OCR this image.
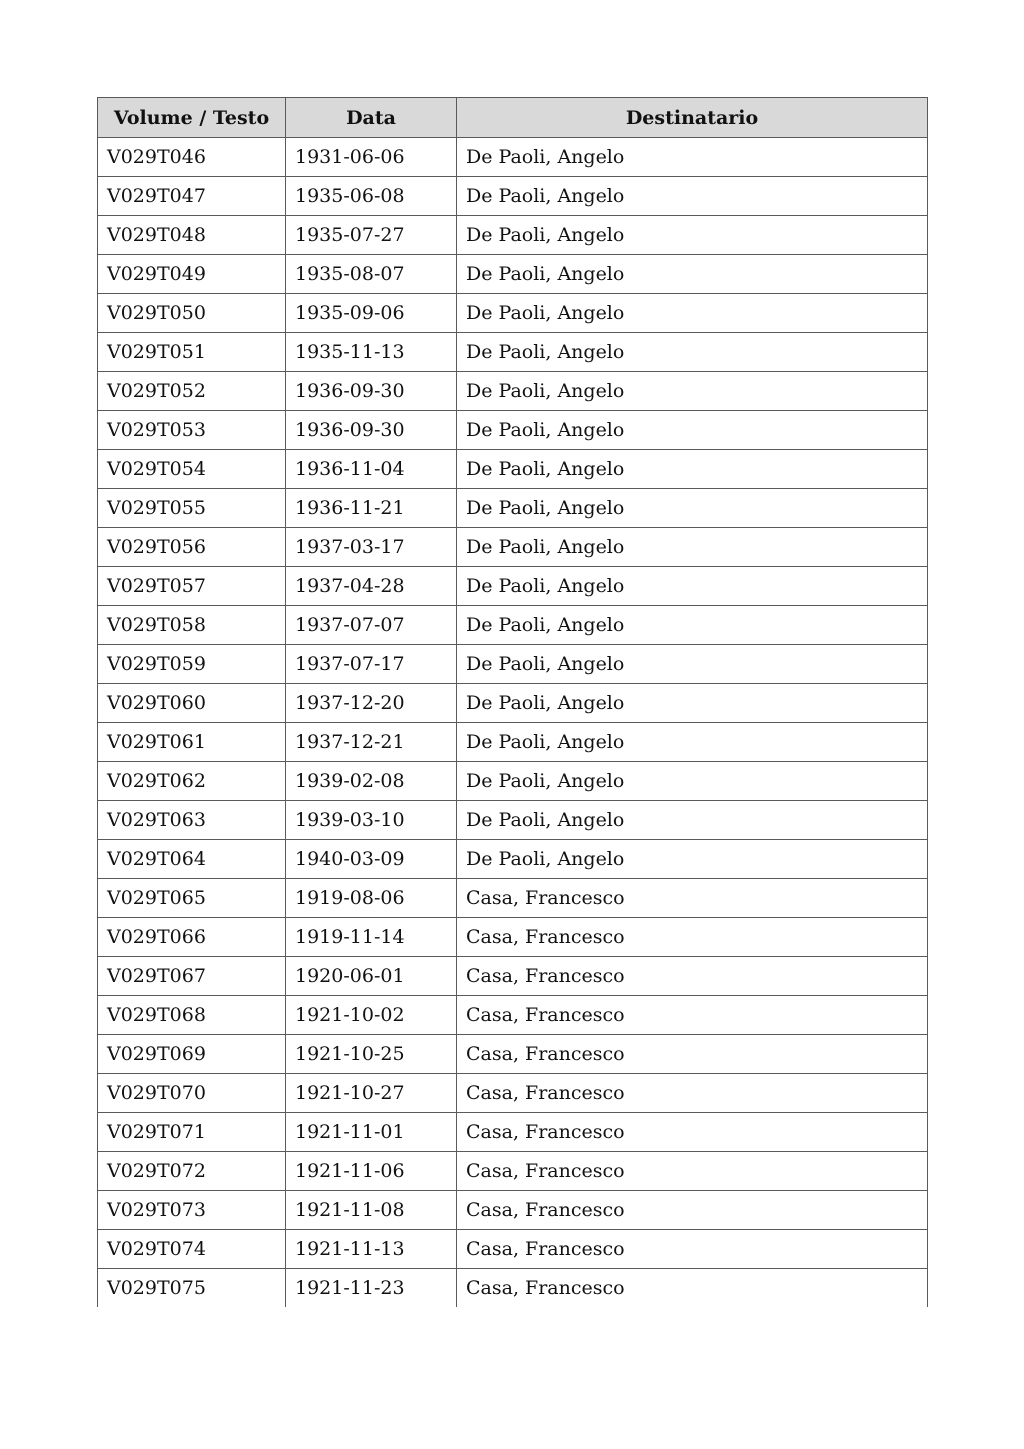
Volume / Testo	Data	Destinatario
V029T046	1931-06-06	De Paoli, Angelo
V029T047	1935-06-08	De Paoli, Angelo
V029T048	1935-07-27	De Paoli, Angelo
V029T049	1935-08-07	De Paoli, Angelo
V029T050	1935-09-06	De Paoli, Angelo
V029T051	1935-11-13	De Paoli, Angelo
V029T052	1936-09-30	De Paoli, Angelo
V029T053	1936-09-30	De Paoli, Angelo
V029T054	1936-11-04	De Paoli, Angelo
V029T055	1936-11-21	De Paoli, Angelo
V029T056	1937-03-17	De Paoli, Angelo
V029T057	1937-04-28	De Paoli, Angelo
V029T058	1937-07-07	De Paoli, Angelo
V029T059	1937-07-17	De Paoli, Angelo
V029T060	1937-12-20	De Paoli, Angelo
V029T061	1937-12-21	De Paoli, Angelo
V029T062	1939-02-08	De Paoli, Angelo
V029T063	1939-03-10	De Paoli, Angelo
V029T064	1940-03-09	De Paoli, Angelo
V029T065	1919-08-06	Casa, Francesco
V029T066	1919-11-14	Casa, Francesco
V029T067	1920-06-01	Casa, Francesco
V029T068	1921-10-02	Casa, Francesco
V029T069	1921-10-25	Casa, Francesco
V029T070	1921-10-27	Casa, Francesco
V029T071	1921-11-01	Casa, Francesco
V029T072	1921-11-06	Casa, Francesco
V029T073	1921-11-08	Casa, Francesco
V029T074	1921-11-13	Casa, Francesco
V029T075	1921-11-23	Casa, Francesco
